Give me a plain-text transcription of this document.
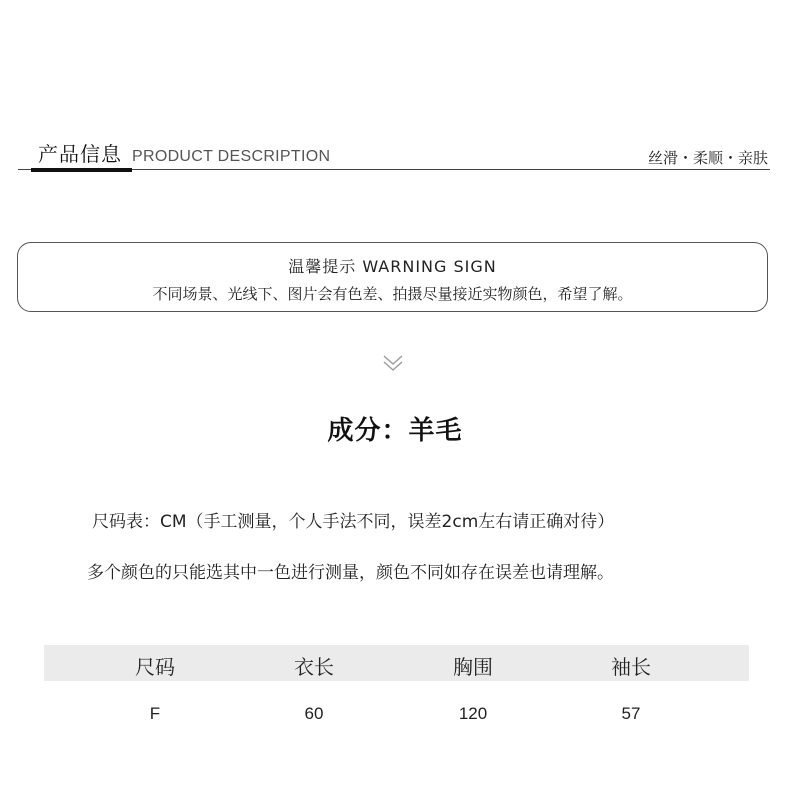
产品信息 PRODUCT DESCRIPTION	丝滑・柔顺・亲肤
温馨提示 WARNING SIGN
不同场景、光线下、图片会有色差、拍摄尽量接近实物颜色，希望了解。
成分：羊毛
尺码表：CM（手工测量，个人手法不同，误差2cm左右请正确对待）
多个颜色的只能选其中一色进行测量，颜色不同如存在误差也请理解。
尺码	衣长	胸围	袖长
F	60	120	57
